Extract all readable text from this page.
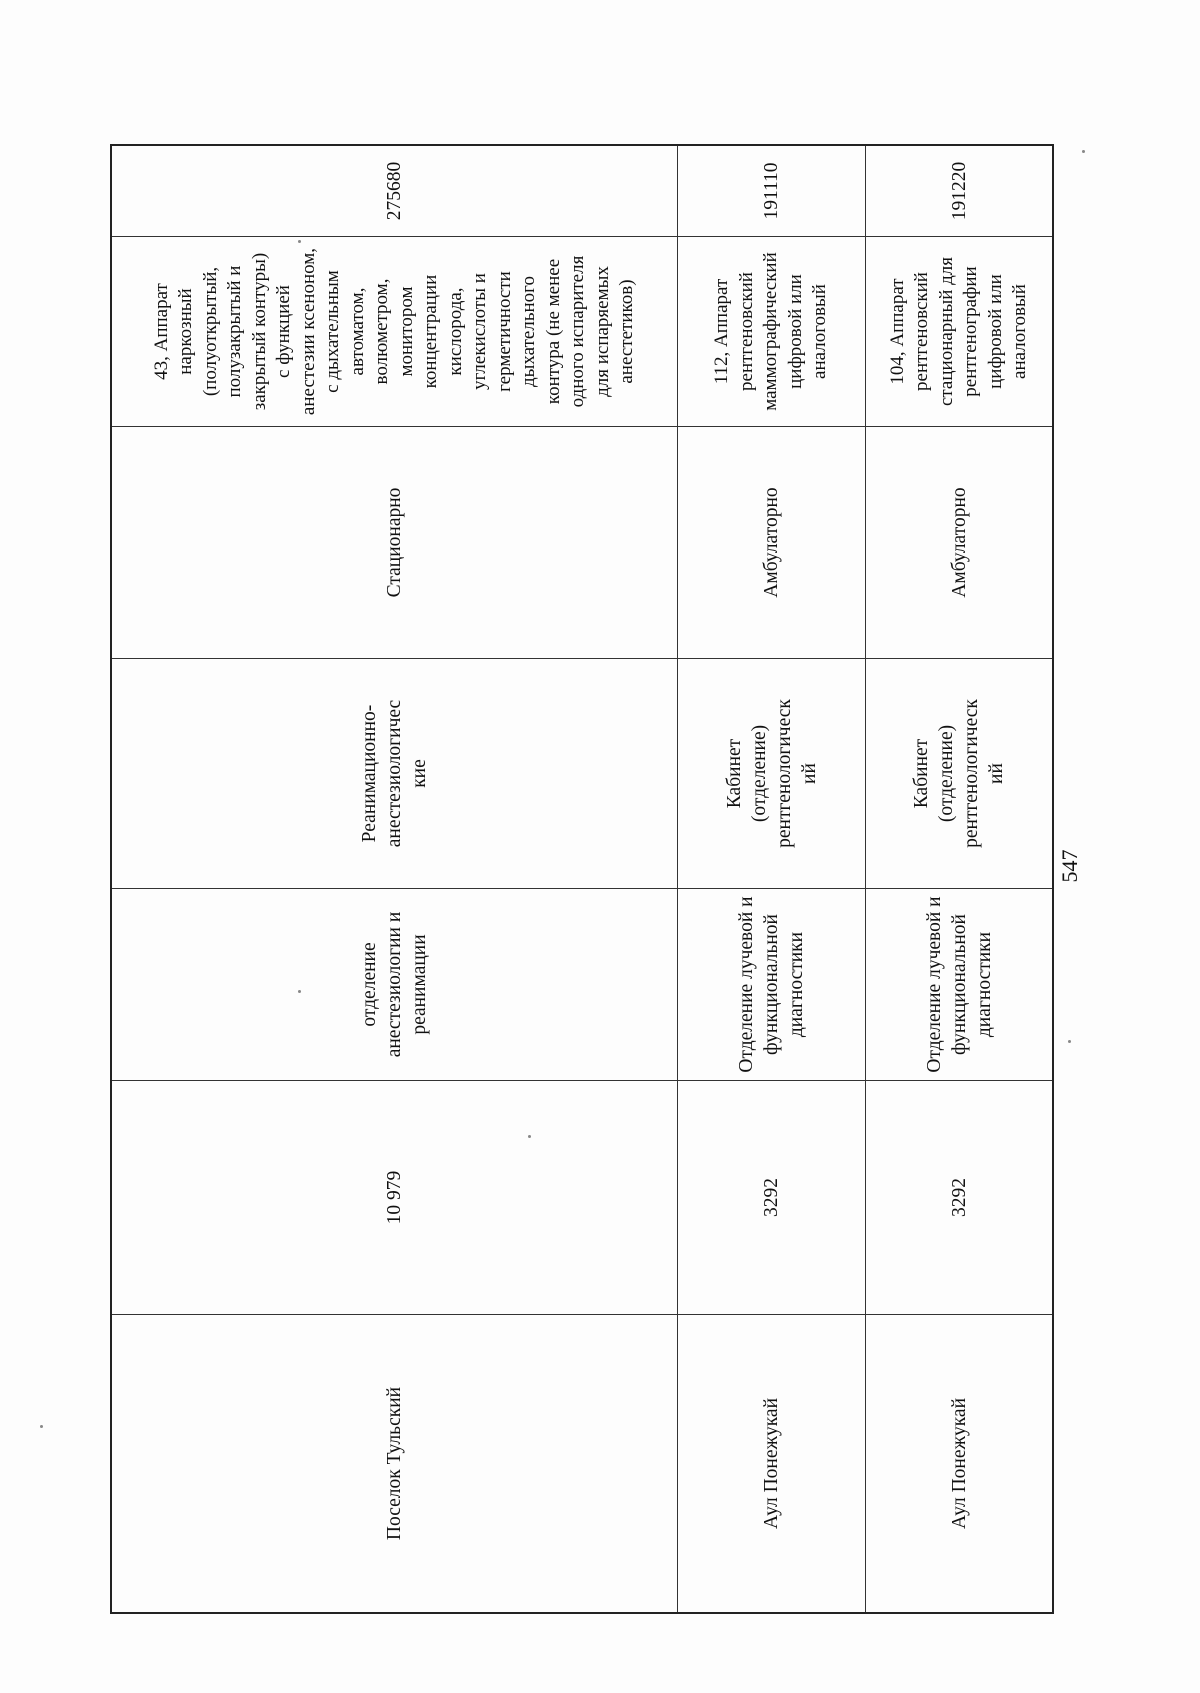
Поселок Тульский
10 979
отделение
анестезиологии и
реанимации
Реанимационно-
анестезиологичес
кие
Стационарно
43, Аппарат
наркозный
(полуоткрытый,
полузакрытый и
закрытый контуры)
с функцией
анестезии ксеноном,
с дыхательным
автоматом,
волюметром,
монитором
концентрации
кислорода,
углекислоты и
герметичности
дыхательного
контура (не менее
одного испарителя
для испаряемых
анестетиков)
275680
Аул Понежукай
3292
Отделение лучевой и
функциональной
диагностики
Кабинет
(отделение)
рентгенологическ
ий
Амбулаторно
112, Аппарат
рентгеновский
маммографический
цифровой или
аналоговый
191110
Аул Понежукай
3292
Отделение лучевой и
функциональной
диагностики
Кабинет
(отделение)
рентгенологическ
ий
Амбулаторно
104, Аппарат
рентгеновский
стационарный для
рентгенографии
цифровой или
аналоговый
191220
547
